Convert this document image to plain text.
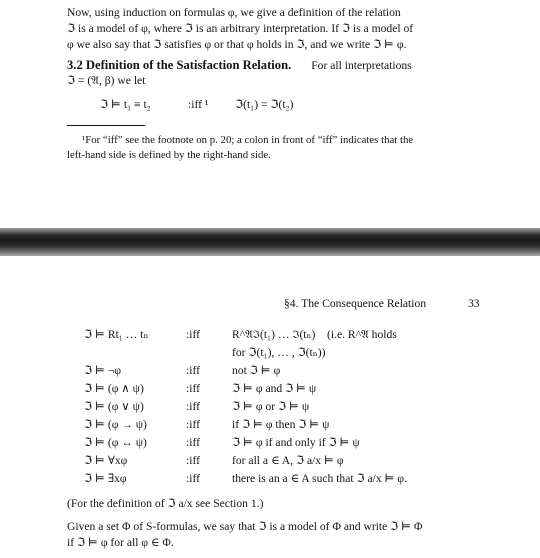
Now, using induction on formulas φ, we give a definition of the relation
ℑ is a model of φ, where ℑ is an arbitrary interpretation. If ℑ is a model of
φ we also say that ℑ satisfies φ or that φ holds in ℑ, and we write ℑ ⊨ φ.
3.2 Definition of the Satisfaction Relation. For all interpretations
ℑ = (𝔄, β) we let
ℑ ⊨ t₁ ≡ t₂	:iff ¹ ℑ(t₁) = ℑ(t₂)
¹For “iff” see the footnote on p. 20; a colon in front of “iff” indicates that the
left-hand side is defined by the right-hand side.
§4. The Consequence Relation	33
ℑ ⊨ Rt₁ … tₙ	:iff	R^𝔄ℑ(t₁) … ℑ(tₙ)    (i.e. R^𝔄 holds
for ℑ(t₁), … , ℑ(tₙ))
ℑ ⊨ ¬φ	:iff	not ℑ ⊨ φ
ℑ ⊨ (φ ∧ ψ)	:iff	ℑ ⊨ φ and ℑ ⊨ ψ
ℑ ⊨ (φ ∨ ψ)	:iff	ℑ ⊨ φ or ℑ ⊨ ψ
ℑ ⊨ (φ → ψ)	:iff	if ℑ ⊨ φ then ℑ ⊨ ψ
ℑ ⊨ (φ ↔ ψ)	:iff	ℑ ⊨ φ if and only if ℑ ⊨ ψ
ℑ ⊨ ∀xφ	:iff	for all a ∈ A, ℑ a/x ⊨ φ
ℑ ⊨ ∃xφ	:iff	there is an a ∈ A such that ℑ a/x ⊨ φ.
(For the definition of ℑ a/x see Section 1.)
Given a set Φ of S-formulas, we say that ℑ is a model of Φ and write ℑ ⊨ Φ
if ℑ ⊨ φ for all φ ∈ Φ.
